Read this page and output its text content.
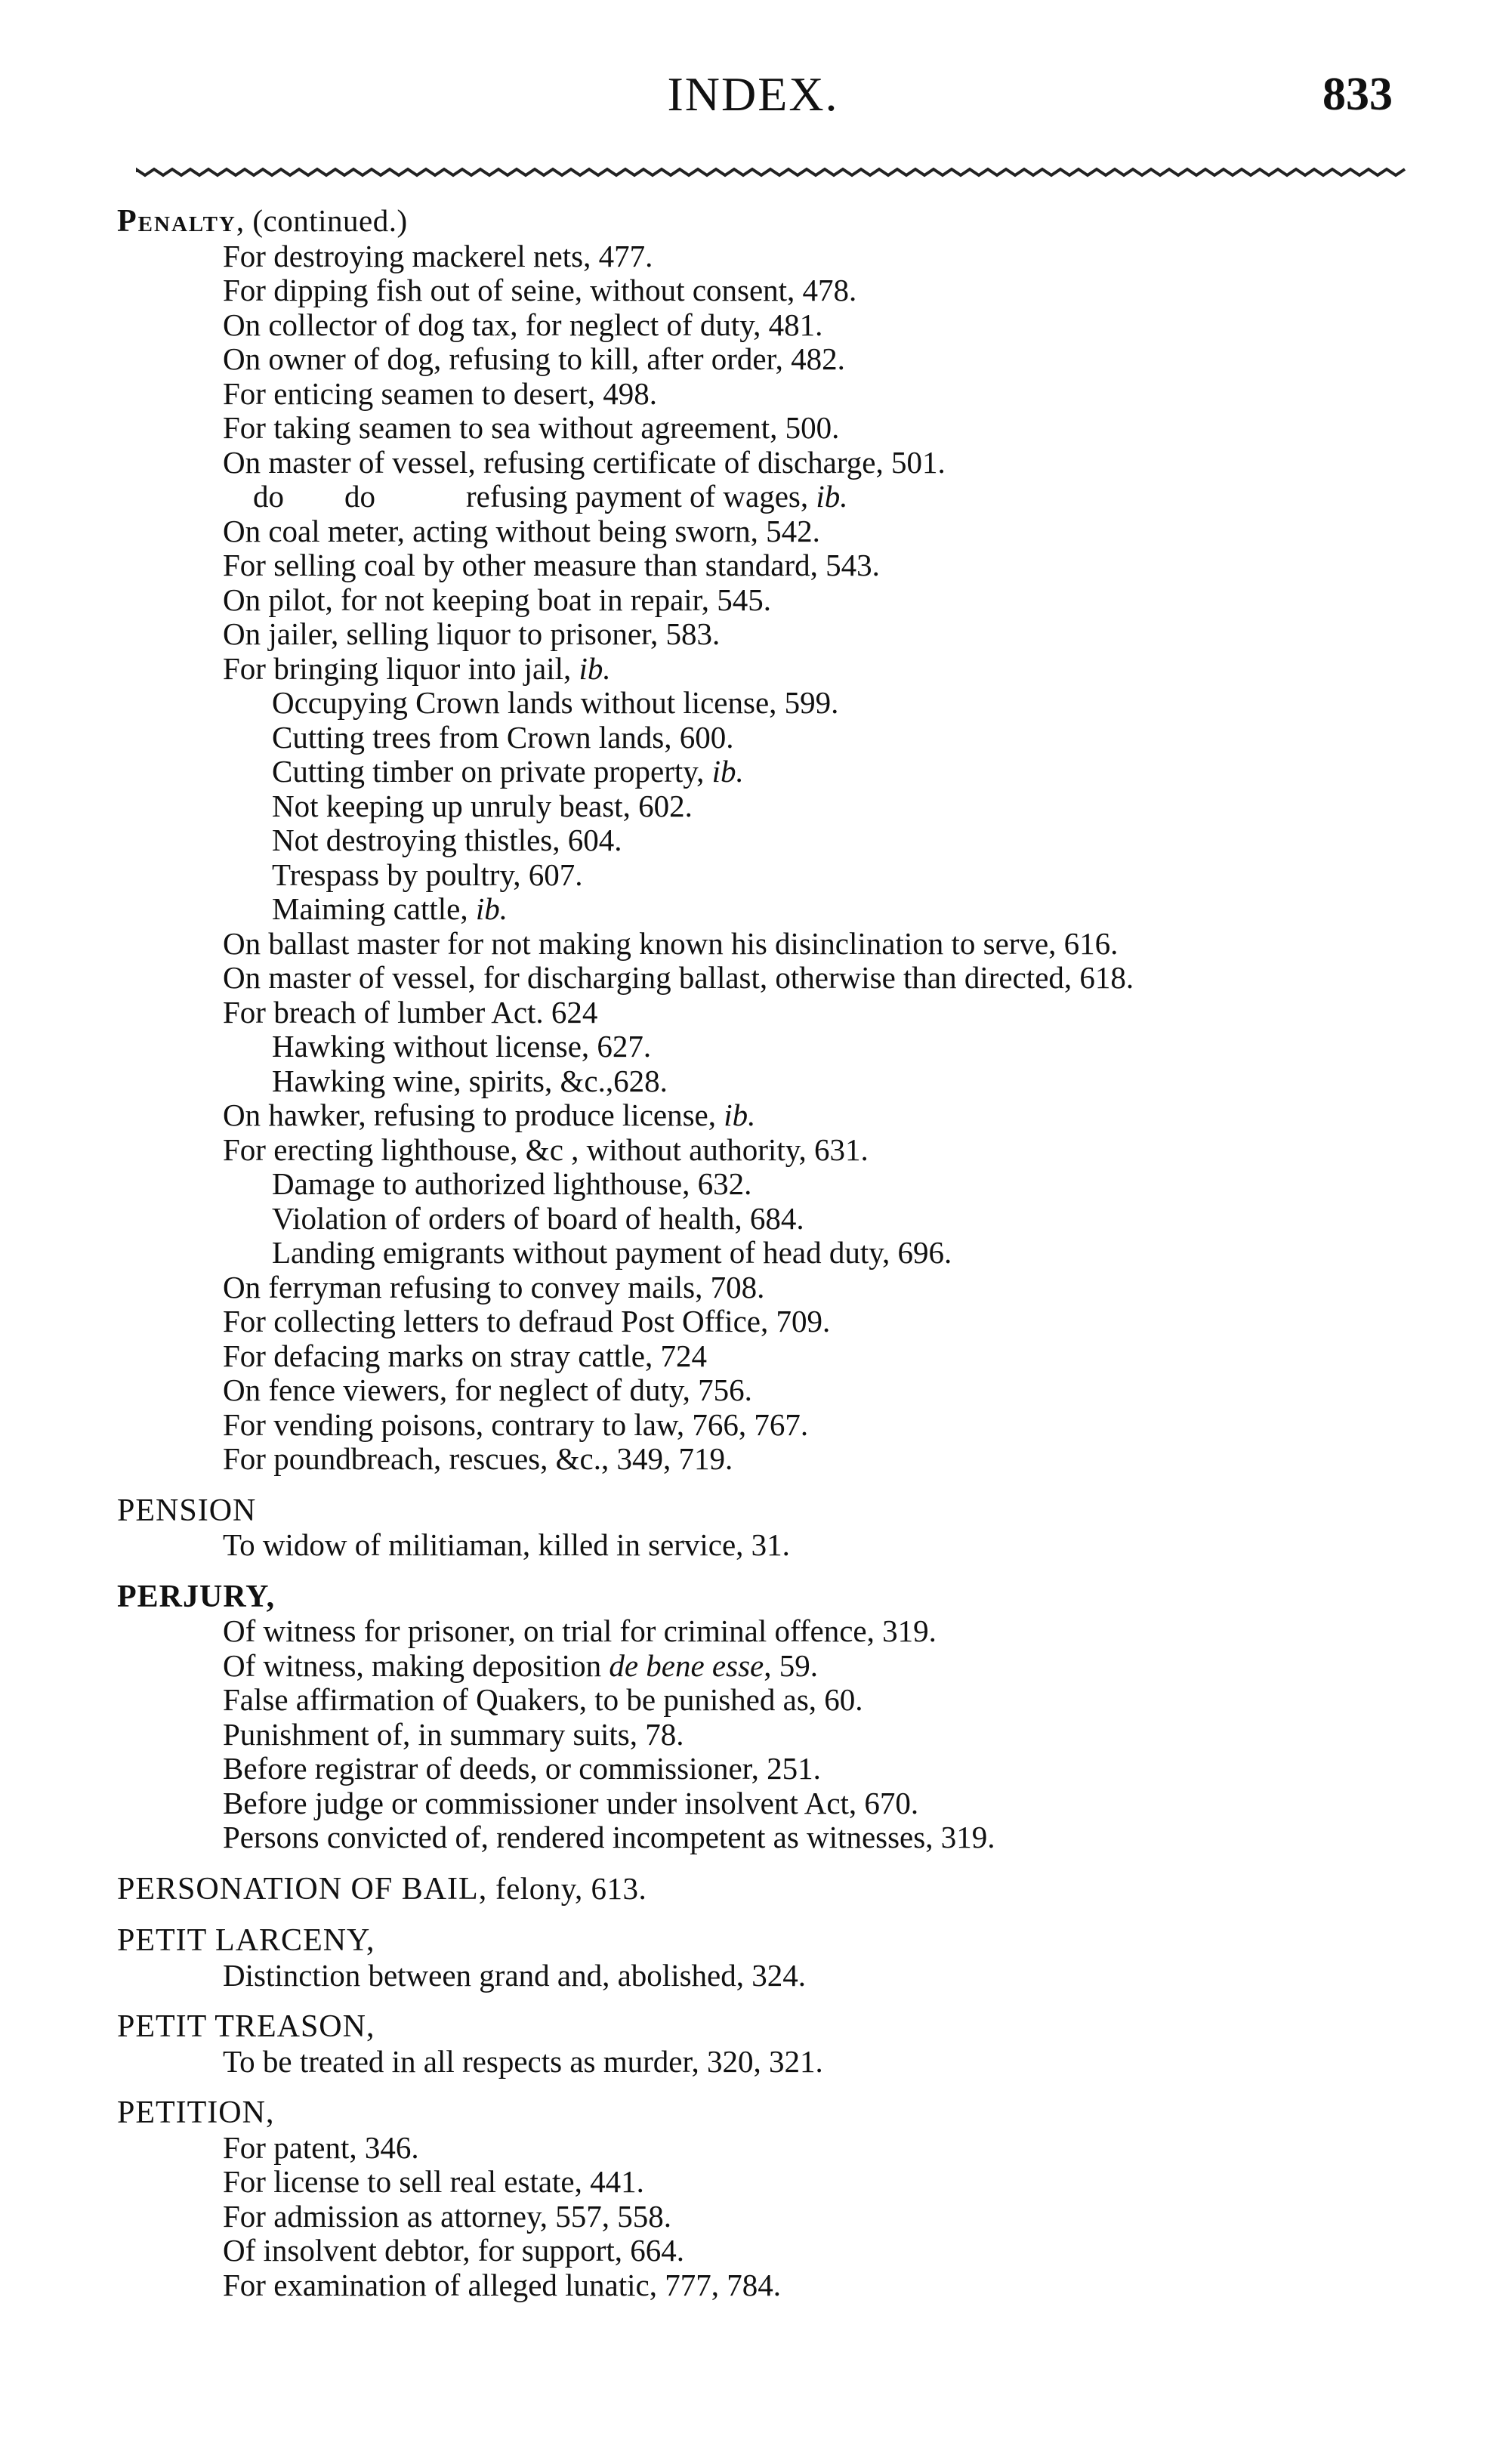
INDEX.	833
Penalty, (continued.)
For destroying mackerel nets, 477.
For dipping fish out of seine, without consent, 478.
On collector of dog tax, for neglect of duty, 481.
On owner of dog, refusing to kill, after order, 482.
For enticing seamen to desert, 498.
For taking seamen to sea without agreement, 500.
On master of vessel, refusing certificate of discharge, 501.
do do	refusing payment of wages, ib.
On coal meter, acting without being sworn, 542.
For selling coal by other measure than standard, 543.
On pilot, for not keeping boat in repair, 545.
On jailer, selling liquor to prisoner, 583.
For bringing liquor into jail, ib.
Occupying Crown lands without license, 599.
Cutting trees from Crown lands, 600.
Cutting timber on private property, ib.
Not keeping up unruly beast, 602.
Not destroying thistles, 604.
Trespass by poultry, 607.
Maiming cattle, ib.
On ballast master for not making known his disinclination to serve, 616.
On master of vessel, for discharging ballast, otherwise than directed, 618.
For breach of lumber Act. 624
Hawking without license, 627.
Hawking wine, spirits, &c.,628.
On hawker, refusing to produce license, ib.
For erecting lighthouse, &c , without authority, 631.
Damage to authorized lighthouse, 632.
Violation of orders of board of health, 684.
Landing emigrants without payment of head duty, 696.
On ferryman refusing to convey mails, 708.
For collecting letters to defraud Post Office, 709.
For defacing marks on stray cattle, 724
On fence viewers, for neglect of duty, 756.
For vending poisons, contrary to law, 766, 767.
For poundbreach, rescues, &c., 349, 719.
PENSION
To widow of militiaman, killed in service, 31.
PERJURY,
Of witness for prisoner, on trial for criminal offence, 319.
Of witness, making deposition de bene esse, 59.
False affirmation of Quakers, to be punished as, 60.
Punishment of, in summary suits, 78.
Before registrar of deeds, or commissioner, 251.
Before judge or commissioner under insolvent Act, 670.
Persons convicted of, rendered incompetent as witnesses, 319.
PERSONATION OF BAIL, felony, 613.
PETIT LARCENY,
Distinction between grand and, abolished, 324.
PETIT TREASON,
To be treated in all respects as murder, 320, 321.
PETITION,
For patent, 346.
For license to sell real estate, 441.
For admission as attorney, 557, 558.
Of insolvent debtor, for support, 664.
For examination of alleged lunatic, 777, 784.
